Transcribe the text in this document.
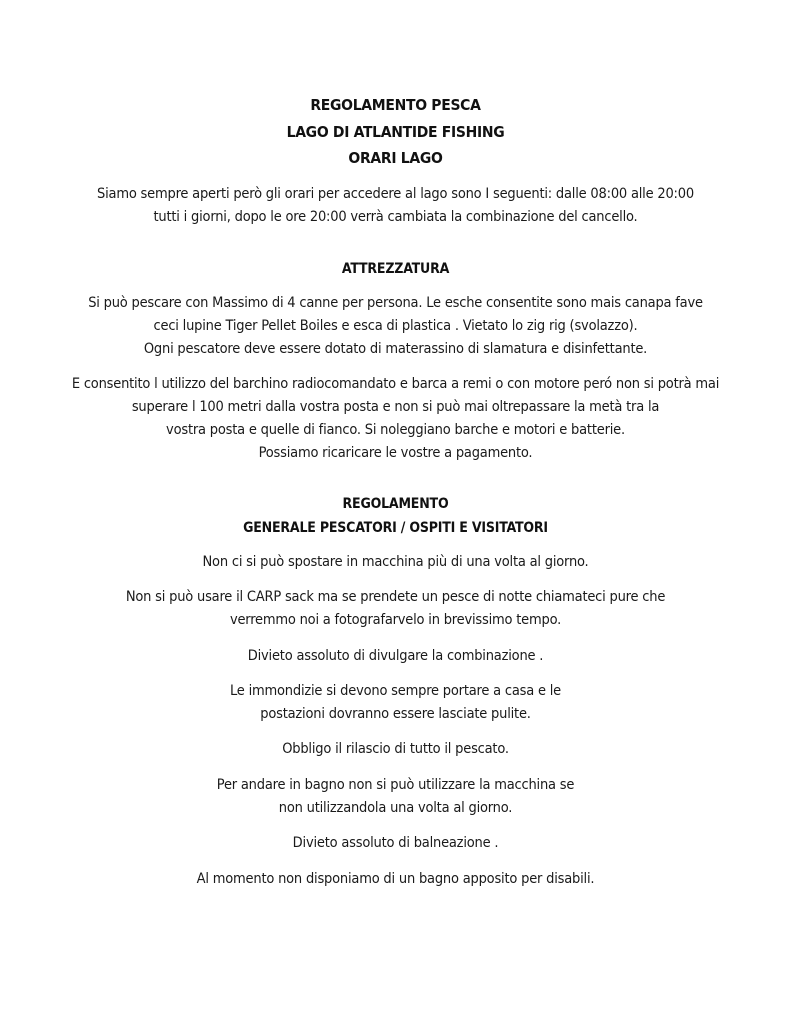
REGOLAMENTO PESCA
LAGO DI ATLANTIDE FISHING
ORARI LAGO
Siamo sempre aperti però gli orari per accedere al lago sono I seguenti: dalle 08:00 alle 20:00
tutti i giorni, dopo le ore 20:00 verrà cambiata la combinazione del cancello.
ATTREZZATURA
Si può pescare con Massimo di 4 canne per persona. Le esche consentite sono mais canapa fave
ceci lupine Tiger Pellet Boiles e esca di plastica . Vietato lo zig rig (svolazzo).
Ogni pescatore deve essere dotato di materassino di slamatura e disinfettante.
E consentito l utilizzo del barchino radiocomandato e barca a remi o con motore peró non si potrà mai
superare l 100 metri dalla vostra posta e non si può mai oltrepassare la metà tra la
vostra posta e quelle di fianco. Si noleggiano barche e motori e batterie.
Possiamo ricaricare le vostre a pagamento.
REGOLAMENTO
GENERALE PESCATORI / OSPITI E VISITATORI
Non ci si può spostare in macchina più di una volta al giorno.
Non si può usare il CARP sack ma se prendete un pesce di notte chiamateci pure che
verremmo noi a fotografarvelo in brevissimo tempo.
Divieto assoluto di divulgare la combinazione .
Le immondizie si devono sempre portare a casa e le
postazioni dovranno essere lasciate pulite.
Obbligo il rilascio di tutto il pescato.
Per andare in bagno non si può utilizzare la macchina se
non utilizzandola una volta al giorno.
Divieto assoluto di balneazione .
Al momento non disponiamo di un bagno apposito per disabili.
